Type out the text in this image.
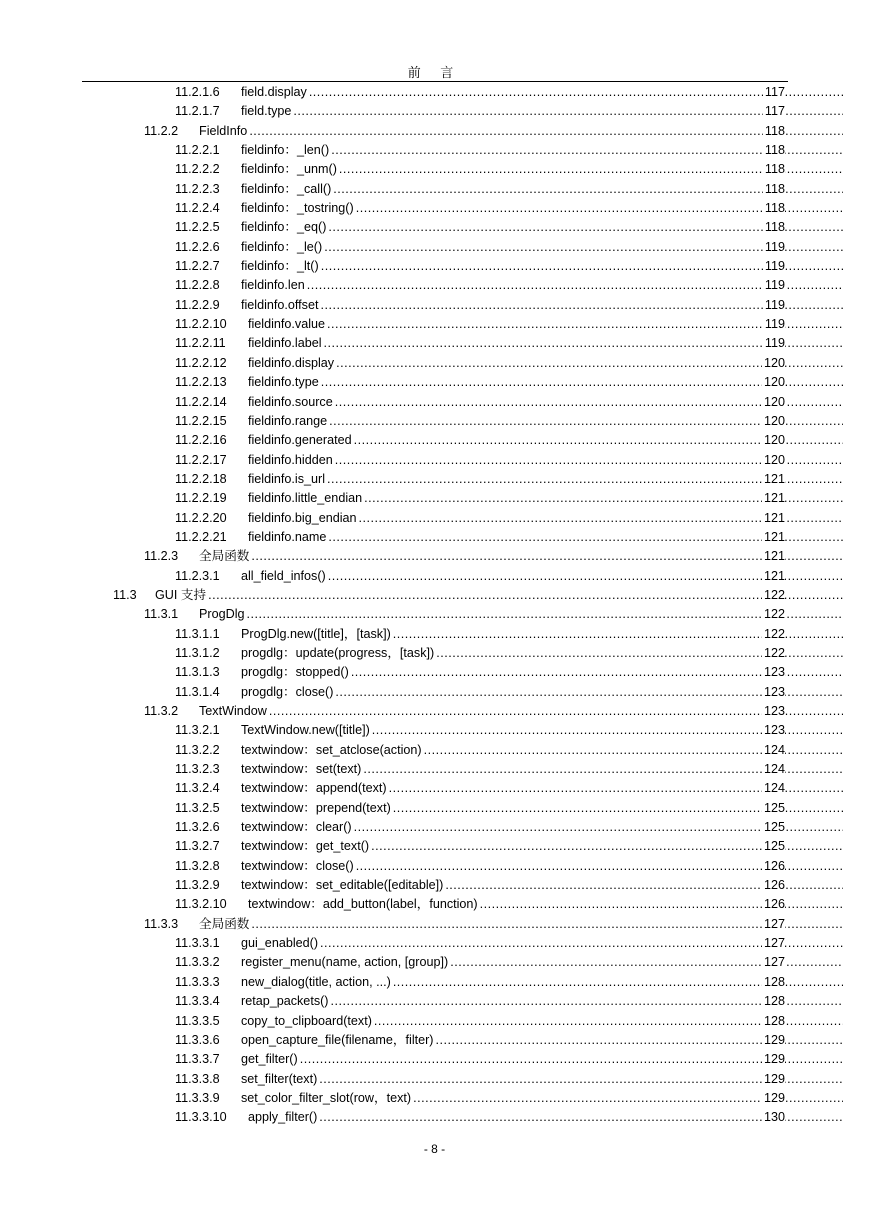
前 言
11.2.1.6	field.display .....	117
11.2.1.7	field.type .....	117
11.2.2	FieldInfo .....	118
11.2.2.1	fieldinfo：_len() .....	118
11.2.2.2	fieldinfo：_unm() .....	118
11.2.2.3	fieldinfo：_call() .....	118
11.2.2.4	fieldinfo：_tostring() .....	118
11.2.2.5	fieldinfo：_eq() .....	118
11.2.2.6	fieldinfo：_le() .....	119
11.2.2.7	fieldinfo：_lt() .....	119
11.2.2.8	fieldinfo.len .....	119
11.2.2.9	fieldinfo.offset .....	119
11.2.2.10	fieldinfo.value .....	119
11.2.2.11	fieldinfo.label .....	119
11.2.2.12	fieldinfo.display .....	120
11.2.2.13	fieldinfo.type .....	120
11.2.2.14	fieldinfo.source .....	120
11.2.2.15	fieldinfo.range .....	120
11.2.2.16	fieldinfo.generated .....	120
11.2.2.17	fieldinfo.hidden .....	120
11.2.2.18	fieldinfo.is_url .....	121
11.2.2.19	fieldinfo.little_endian .....	121
11.2.2.20	fieldinfo.big_endian .....	121
11.2.2.21	fieldinfo.name .....	121
11.2.3	全局函数 .....	121
11.2.3.1	all_field_infos() .....	121
11.3	GUI 支持 .....	122
11.3.1	ProgDlg .....	122
11.3.1.1	ProgDlg.new([title]，[task]) .....	122
11.3.1.2	progdlg：update(progress，[task]) .....	122
11.3.1.3	progdlg：stopped() .....	123
11.3.1.4	progdlg：close() .....	123
11.3.2	TextWindow .....	123
11.3.2.1	TextWindow.new([title]) .....	123
11.3.2.2	textwindow：set_atclose(action) .....	124
11.3.2.3	textwindow：set(text) .....	124
11.3.2.4	textwindow：append(text) .....	124
11.3.2.5	textwindow：prepend(text) .....	125
11.3.2.6	textwindow：clear() .....	125
11.3.2.7	textwindow：get_text() .....	125
11.3.2.8	textwindow：close() .....	126
11.3.2.9	textwindow：set_editable([editable]) .....	126
11.3.2.10	textwindow：add_button(label，function) .....	126
11.3.3	全局函数 .....	127
11.3.3.1	gui_enabled() .....	127
11.3.3.2	register_menu(name, action, [group]) .....	127
11.3.3.3	new_dialog(title, action, ...) .....	128
11.3.3.4	retap_packets() .....	128
11.3.3.5	copy_to_clipboard(text) .....	128
11.3.3.6	open_capture_file(filename，filter) .....	129
11.3.3.7	get_filter() .....	129
11.3.3.8	set_filter(text) .....	129
11.3.3.9	set_color_filter_slot(row，text) .....	129
11.3.3.10	apply_filter() .....	130
- 8 -
